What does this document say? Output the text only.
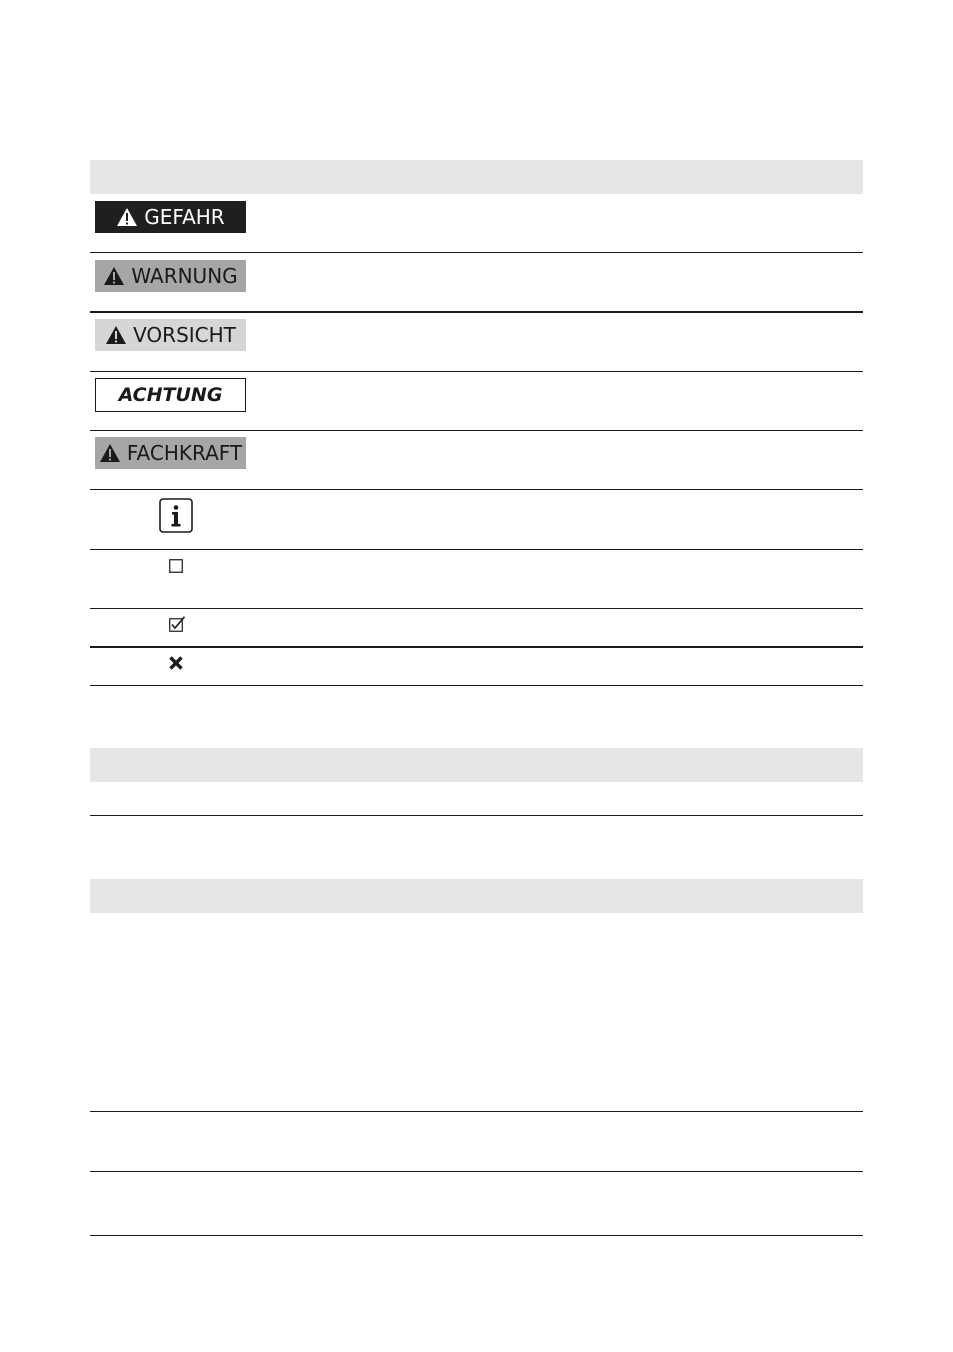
GEFAHR
WARNUNG
VORSICHT
ACHTUNG
FACHKRAFT
